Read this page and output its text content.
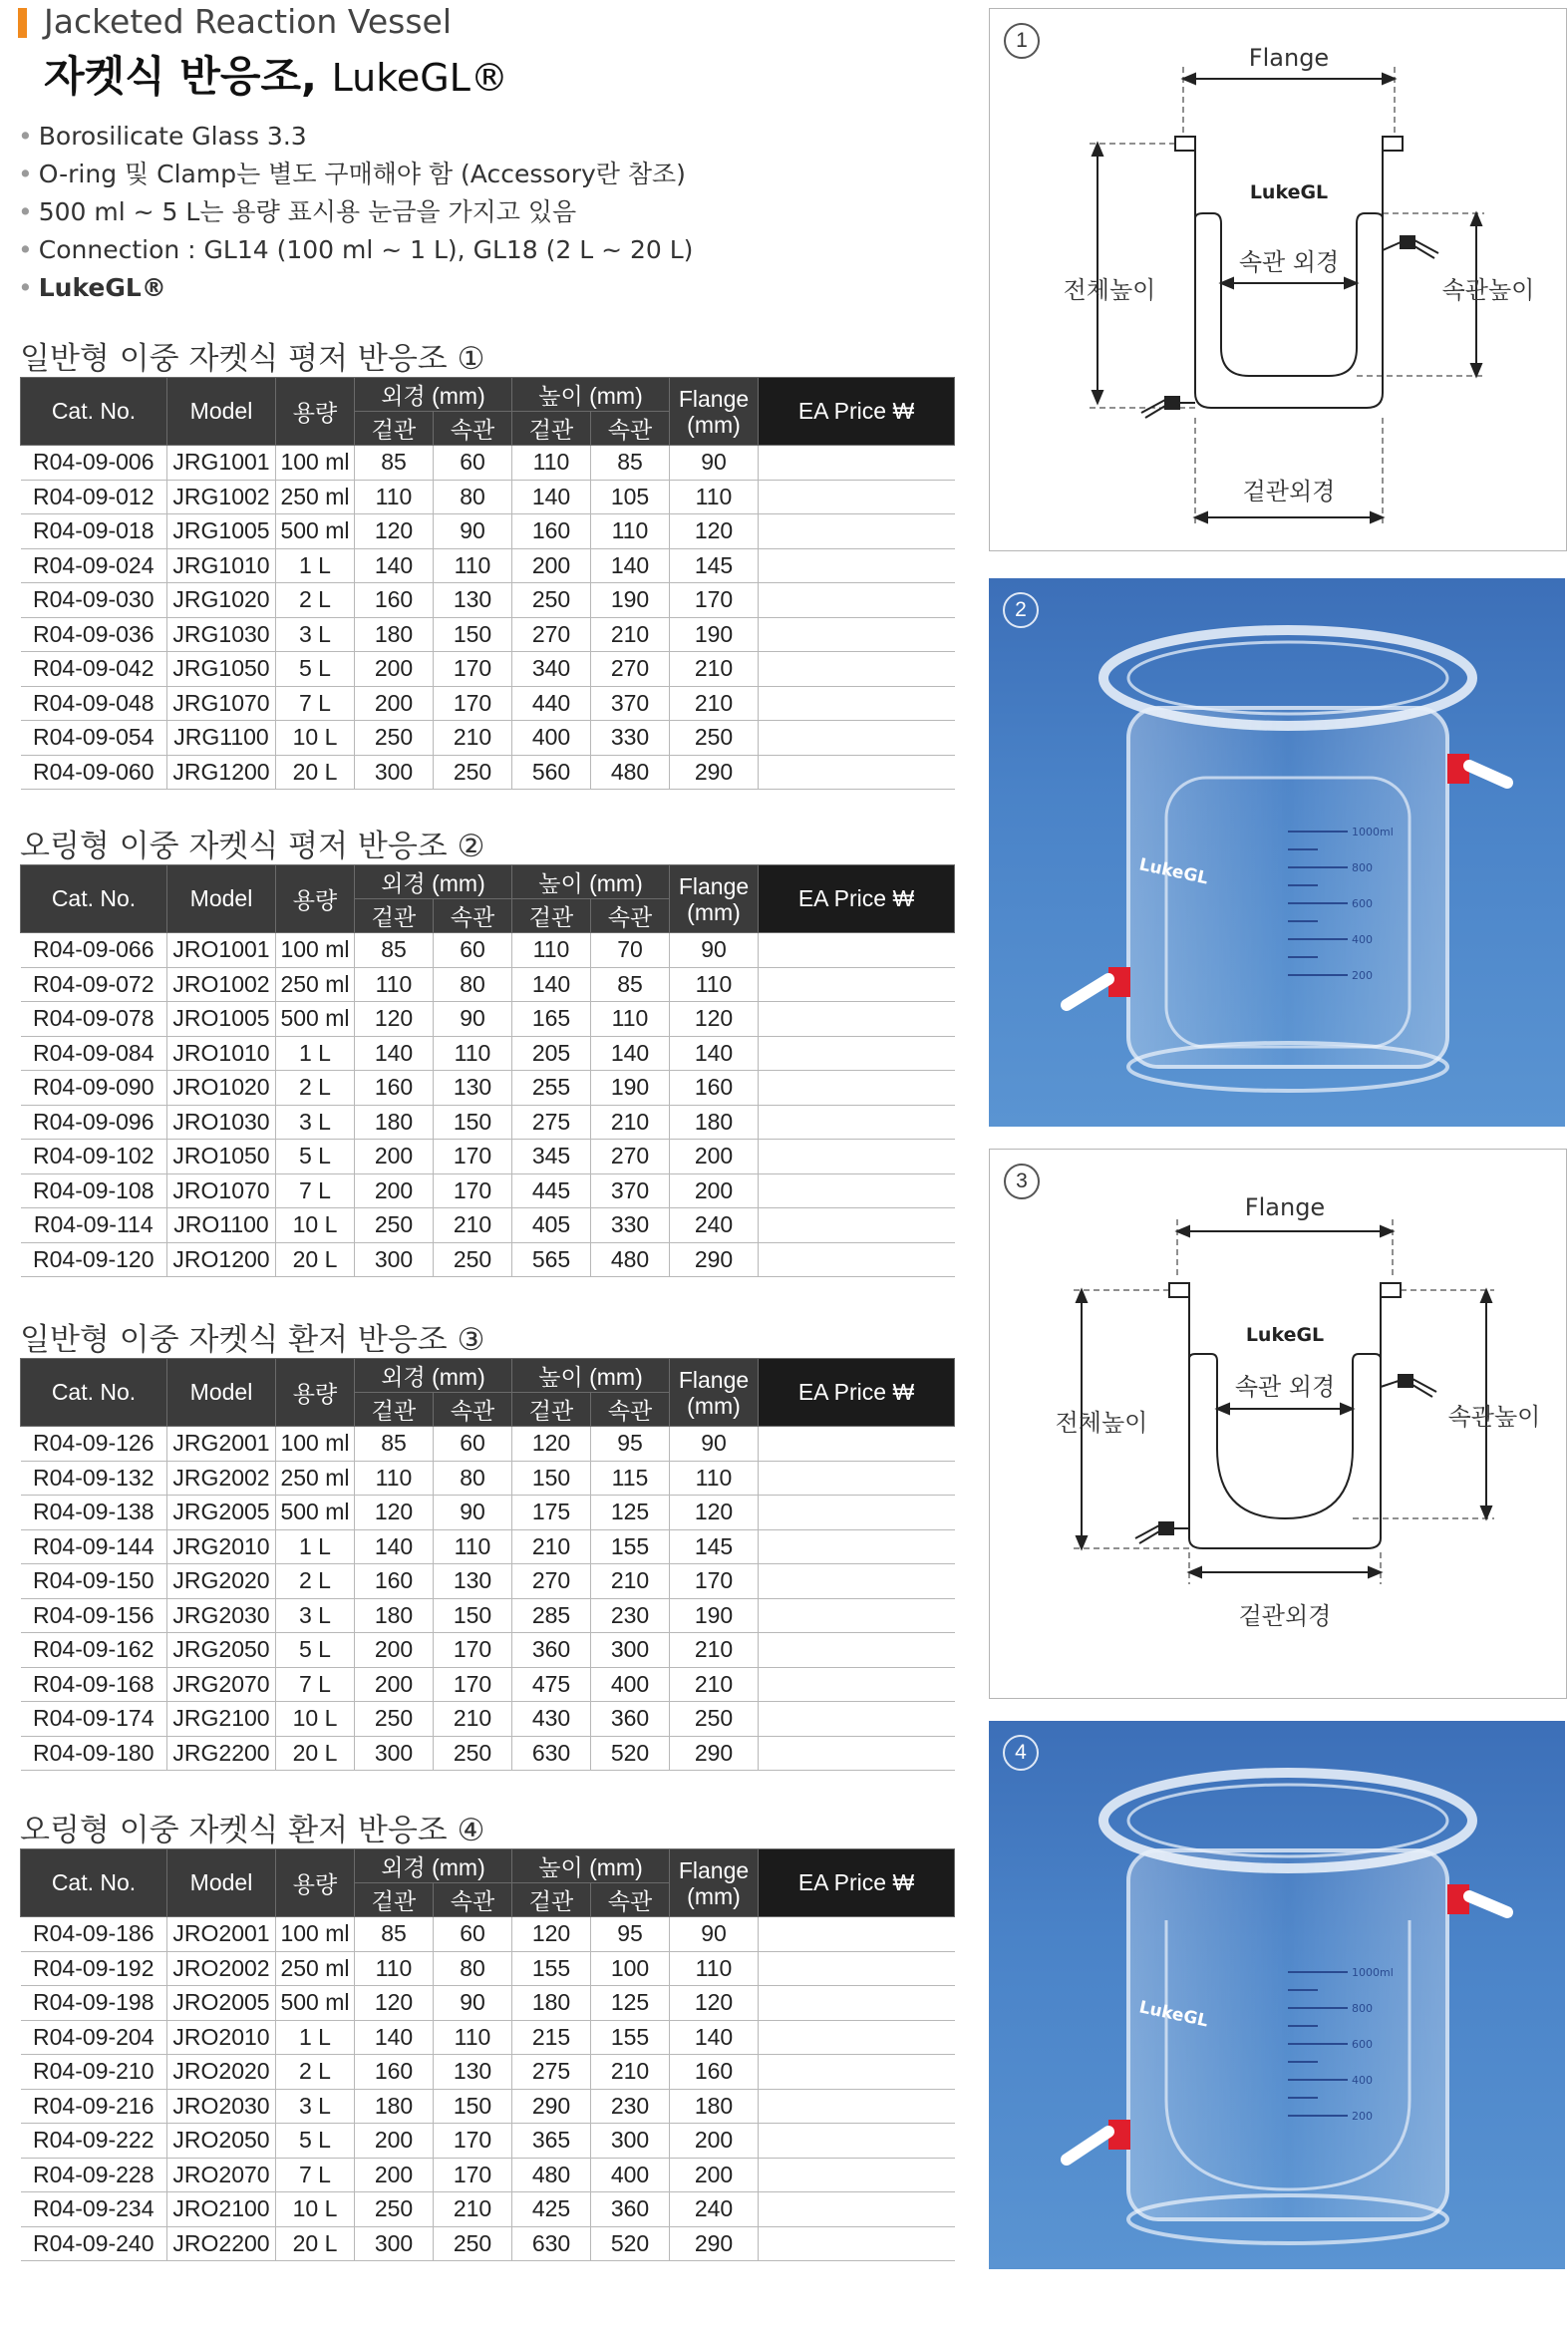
Jacketed Reaction Vessel
자켓식 반응조, LukeGL®
• Borosilicate Glass 3.3
• O-ring 및 Clamp는 별도 구매해야 함 (Accessory란 참조)
• 500 ml ~ 5 L는 용량 표시용 눈금을 가지고 있음
• Connection : GL14 (100 ml ~ 1 L), GL18 (2 L ~ 20 L)
• LukeGL®
일반형 이중 자켓식 평저 반응조 ①
Cat. No.	Model	용량	외경 (mm)		높이 (mm)		Flange (mm)	EA Price ₩
			겉관	속관	겉관	속관		
R04-09-006	JRG1001	100 ml	85	60	110	85	90	
R04-09-012	JRG1002	250 ml	110	80	140	105	110	
R04-09-018	JRG1005	500 ml	120	90	160	110	120	
R04-09-024	JRG1010	1 L	140	110	200	140	145	
R04-09-030	JRG1020	2 L	160	130	250	190	170	
R04-09-036	JRG1030	3 L	180	150	270	210	190	
R04-09-042	JRG1050	5 L	200	170	340	270	210	
R04-09-048	JRG1070	7 L	200	170	440	370	210	
R04-09-054	JRG1100	10 L	250	210	400	330	250	
R04-09-060	JRG1200	20 L	300	250	560	480	290	
오링형 이중 자켓식 평저 반응조 ②
Cat. No.	Model	용량	외경 (mm)		높이 (mm)		Flange (mm)	EA Price ₩
			겉관	속관	겉관	속관		
R04-09-066	JRO1001	100 ml	85	60	110	70	90	
R04-09-072	JRO1002	250 ml	110	80	140	85	110	
R04-09-078	JRO1005	500 ml	120	90	165	110	120	
R04-09-084	JRO1010	1 L	140	110	205	140	140	
R04-09-090	JRO1020	2 L	160	130	255	190	160	
R04-09-096	JRO1030	3 L	180	150	275	210	180	
R04-09-102	JRO1050	5 L	200	170	345	270	200	
R04-09-108	JRO1070	7 L	200	170	445	370	200	
R04-09-114	JRO1100	10 L	250	210	405	330	240	
R04-09-120	JRO1200	20 L	300	250	565	480	290	
일반형 이중 자켓식 환저 반응조 ③
Cat. No.	Model	용량	외경 (mm)		높이 (mm)		Flange (mm)	EA Price ₩
			겉관	속관	겉관	속관		
R04-09-126	JRG2001	100 ml	85	60	120	95	90	
R04-09-132	JRG2002	250 ml	110	80	150	115	110	
R04-09-138	JRG2005	500 ml	120	90	175	125	120	
R04-09-144	JRG2010	1 L	140	110	210	155	145	
R04-09-150	JRG2020	2 L	160	130	270	210	170	
R04-09-156	JRG2030	3 L	180	150	285	230	190	
R04-09-162	JRG2050	5 L	200	170	360	300	210	
R04-09-168	JRG2070	7 L	200	170	475	400	210	
R04-09-174	JRG2100	10 L	250	210	430	360	250	
R04-09-180	JRG2200	20 L	300	250	630	520	290	
오링형 이중 자켓식 환저 반응조 ④
Cat. No.	Model	용량	외경 (mm)		높이 (mm)		Flange (mm)	EA Price ₩
			겉관	속관	겉관	속관		
R04-09-186	JRO2001	100 ml	85	60	120	95	90	
R04-09-192	JRO2002	250 ml	110	80	155	100	110	
R04-09-198	JRO2005	500 ml	120	90	180	125	120	
R04-09-204	JRO2010	1 L	140	110	215	155	140	
R04-09-210	JRO2020	2 L	160	130	275	210	160	
R04-09-216	JRO2030	3 L	180	150	290	230	180	
R04-09-222	JRO2050	5 L	200	170	365	300	200	
R04-09-228	JRO2070	7 L	200	170	480	400	200	
R04-09-234	JRO2100	10 L	250	210	425	360	240	
R04-09-240	JRO2200	20 L	300	250	630	520	290	
1
Flange
LukeGL
속관 외경
전체높이	속관높이
겉관외경
2
LukeGL
1000ml
800
600
400
200
3
Flange
LukeGL
속관 외경
전체높이	속관높이
겉관외경
4
LukeGL
1000ml
800
600
400
200
